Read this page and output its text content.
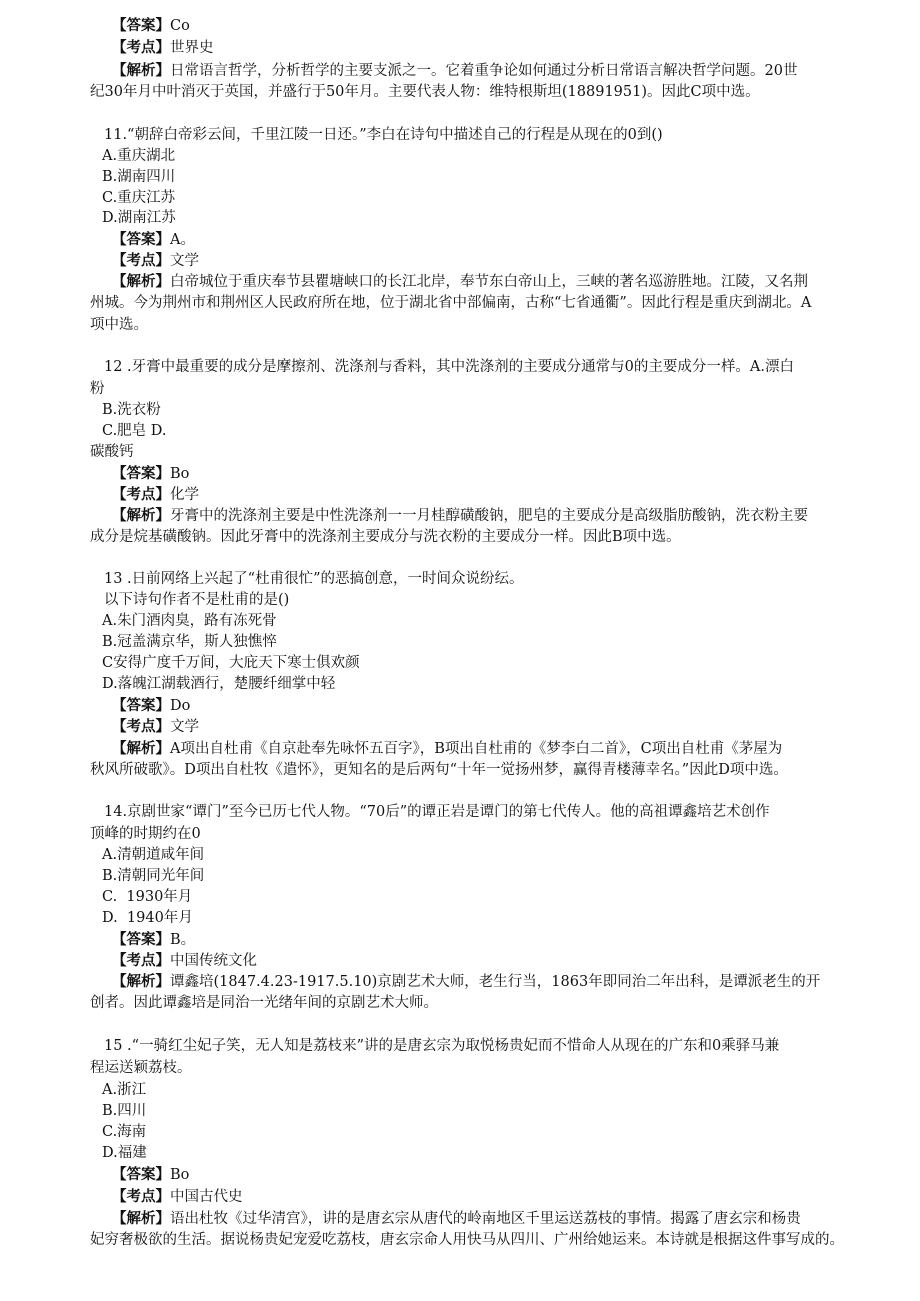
【答案】Co
【考点】世界史
【解析】日常语言哲学，分析哲学的主要支派之一。它着重争论如何通过分析日常语言解决哲学问题。20世
纪30年月中叶消灭于英国，并盛行于50年月。主要代表人物：维特根斯坦(18891951)。因此C项中选。
11.“朝辞白帝彩云间，千里江陵一日还。”李白在诗句中描述自己的行程是从现在的0到()
A.重庆湖北
B.湖南四川
C.重庆江苏
D.湖南江苏
【答案】A。
【考点】文学
【解析】白帝城位于重庆奉节县瞿塘峡口的长江北岸，奉节东白帝山上，三峡的著名巡游胜地。江陵，又名荆
州城。今为荆州市和荆州区人民政府所在地，位于湖北省中部偏南，古称“七省通衢”。因此行程是重庆到湖北。A
项中选。
12 .牙膏中最重要的成分是摩擦剂、洗涤剂与香料，其中洗涤剂的主要成分通常与0的主要成分一样。A.漂白
粉
B.洗衣粉
C.肥皂 D.
碳酸钙
【答案】Bo
【考点】化学
【解析】牙膏中的洗涤剂主要是中性洗涤剂一一月桂醇磺酸钠，肥皂的主要成分是高级脂肪酸钠，洗衣粉主要
成分是烷基磺酸钠。因此牙膏中的洗涤剂主要成分与洗衣粉的主要成分一样。因此B项中选。
13 .日前网络上兴起了“杜甫很忙”的恶搞创意，一时间众说纷纭。
以下诗句作者不是杜甫的是()
A.朱门酒肉臭，路有冻死骨
B.冠盖满京华，斯人独憔悴
C安得广度千万间，大庇天下寒士俱欢颜
D.落魄江湖载酒行，楚腰纤细掌中轻
【答案】Do
【考点】文学
【解析】A项出自杜甫《自京赴奉先咏怀五百字》，B项出自杜甫的《梦李白二首》，C项出自杜甫《茅屋为
秋风所破歌》。D项出自杜牧《遣怀》，更知名的是后两句“十年一觉扬州梦，赢得青楼薄幸名。”因此D项中选。
14.京剧世家“谭门”至今已历七代人物。“70后”的谭正岩是谭门的第七代传人。他的高祖谭鑫培艺术创作
顶峰的时期约在0
A.清朝道咸年间
B.清朝同光年间
C.  1930年月
D.  1940年月
【答案】B。
【考点】中国传统文化
【解析】谭鑫培(1847.4.23-1917.5.10)京剧艺术大师，老生行当，1863年即同治二年出科，是谭派老生的开
创者。因此谭鑫培是同治一光绪年间的京剧艺术大师。
15 .“一骑红尘妃子笑，无人知是荔枝来”讲的是唐玄宗为取悦杨贵妃而不惜命人从现在的广东和0乘驿马兼
程运送颖荔枝。
A.浙江
B.四川
C.海南
D.福建
【答案】Bo
【考点】中国古代史
【解析】语出杜牧《过华清宫》，讲的是唐玄宗从唐代的岭南地区千里运送荔枝的事情。揭露了唐玄宗和杨贵
妃穷奢极欲的生活。据说杨贵妃宠爱吃荔枝，唐玄宗命人用快马从四川、广州给她运来。本诗就是根据这件事写成的。
